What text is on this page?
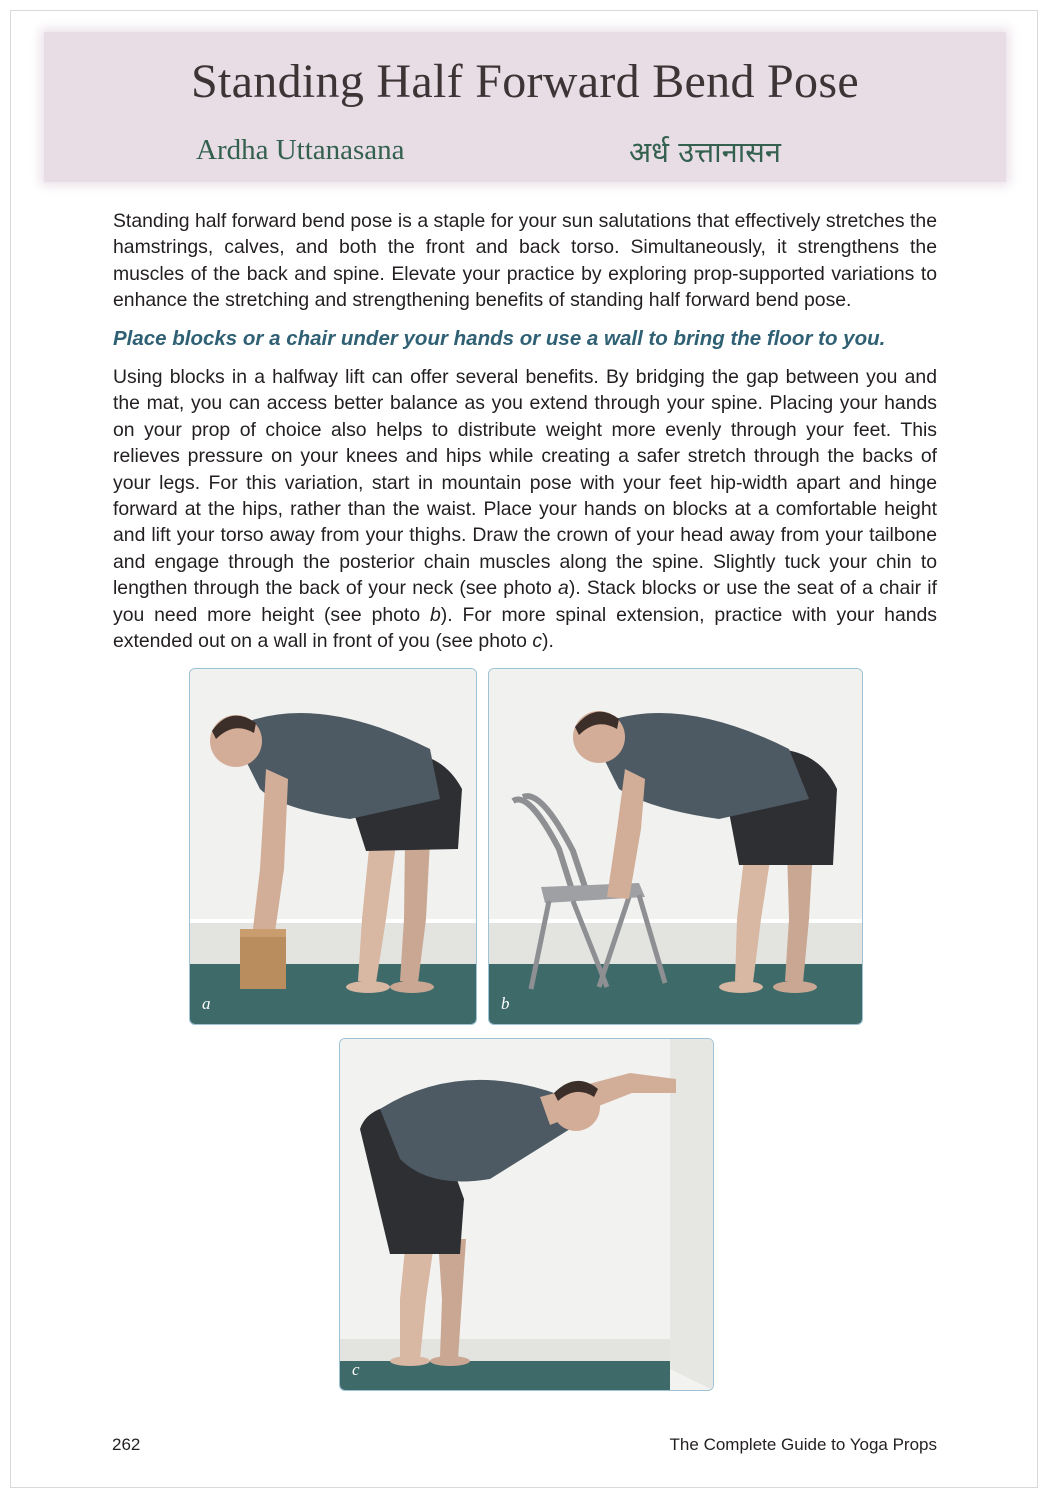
Standing Half Forward Bend Pose
Ardha Uttanasana	अर्ध उत्तानासन

Standing half forward bend pose is a staple for your sun salutations that effectively stretches the hamstrings, calves, and both the front and back torso. Simultaneously, it strengthens the muscles of the back and spine. Elevate your practice by exploring prop-supported variations to enhance the stretching and strengthening benefits of standing half forward bend pose.

Place blocks or a chair under your hands or use a wall to bring the floor to you.

Using blocks in a halfway lift can offer several benefits. By bridging the gap between you and the mat, you can access better balance as you extend through your spine. Placing your hands on your prop of choice also helps to distribute weight more evenly through your feet. This relieves pressure on your knees and hips while creating a safer stretch through the backs of your legs. For this variation, start in mountain pose with your feet hip-width apart and hinge forward at the hips, rather than the waist. Place your hands on blocks at a comfortable height and lift your torso away from your thighs. Draw the crown of your head away from your tailbone and engage through the posterior chain muscles along the spine. Slightly tuck your chin to lengthen through the back of your neck (see photo a). Stack blocks or use the seat of a chair if you need more height (see photo b). For more spinal extension, practice with your hands extended out on a wall in front of you (see photo c).

a	b
c
262	The Complete Guide to Yoga Props
